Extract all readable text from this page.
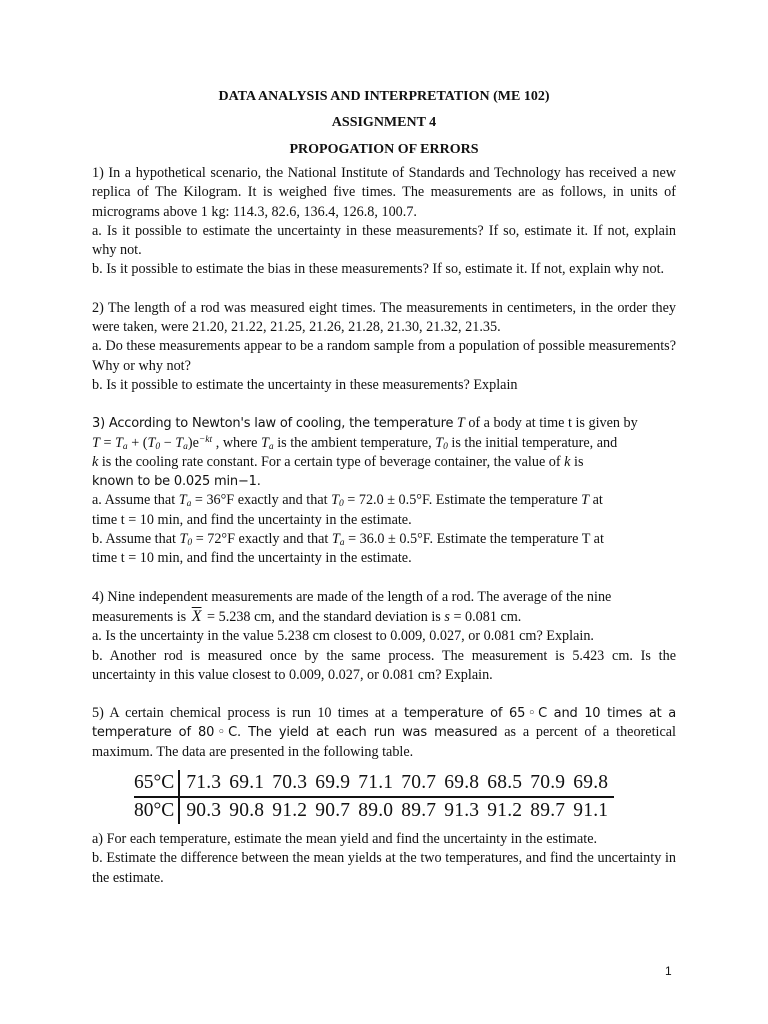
DATA ANALYSIS AND INTERPRETATION (ME 102)
ASSIGNMENT 4
PROPOGATION OF ERRORS

1) In a hypothetical scenario, the National Institute of Standards and Technology has received a new replica of The Kilogram. It is weighed five times. The measurements are as follows, in units of micrograms above 1 kg: 114.3, 82.6, 136.4, 126.8, 100.7.

a. Is it possible to estimate the uncertainty in these measurements? If so, estimate it. If not, explain why not.

b. Is it possible to estimate the bias in these measurements? If so, estimate it. If not, explain why not.

2) The length of a rod was measured eight times. The measurements in centimeters, in the order they were taken, were 21.20, 21.22, 21.25, 21.26, 21.28, 21.30, 21.32, 21.35.

a. Do these measurements appear to be a random sample from a population of possible measurements? Why or why not?

b. Is it possible to estimate the uncertainty in these measurements? Explain

3) According to Newton's law of cooling, the temperature T of a body at time t is given by
$T = T_a + (T_0 - T_a)e^{-kt}$ , where $T_a$ is the ambient temperature, $T_0$ is the initial temperature, and
k is the cooling rate constant. For a certain type of beverage container, the value of k is
known to be 0.025 min−1.

a. Assume that $T_a = 36^\circ F$ exactly and that $T_0 = 72.0 \pm 0.5^\circ F$. Estimate the temperature T at
time t = 10 min, and find the uncertainty in the estimate.

b. Assume that $T_0 = 72^\circ F$ exactly and that $T_a = 36.0 \pm 0.5^\circ F$. Estimate the temperature T at
time t = 10 min, and find the uncertainty in the estimate.

4) Nine independent measurements are made of the length of a rod. The average of the nine
measurements is $\overline{X} = 5.238$ cm, and the standard deviation is s = 0.081 cm.

a. Is the uncertainty in the value 5.238 cm closest to 0.009, 0.027, or 0.081 cm? Explain.

b. Another rod is measured once by the same process. The measurement is 5.423 cm. Is the uncertainty in this value closest to 0.009, 0.027, or 0.081 cm? Explain.

5) A certain chemical process is run 10 times at a temperature of 65◦C and 10 times at a temperature of 80◦C. The yield at each run was measured as a percent of a theoretical maximum. The data are presented in the following table.

65°C	71.3 69.1 70.3 69.9 71.1 70.7 69.8 68.5 70.9 69.8
80°C	90.3 90.8 91.2 90.7 89.0 89.7 91.3 91.2 89.7 91.1

a) For each temperature, estimate the mean yield and find the uncertainty in the estimate.

b. Estimate the difference between the mean yields at the two temperatures, and find the uncertainty in the estimate.

1
